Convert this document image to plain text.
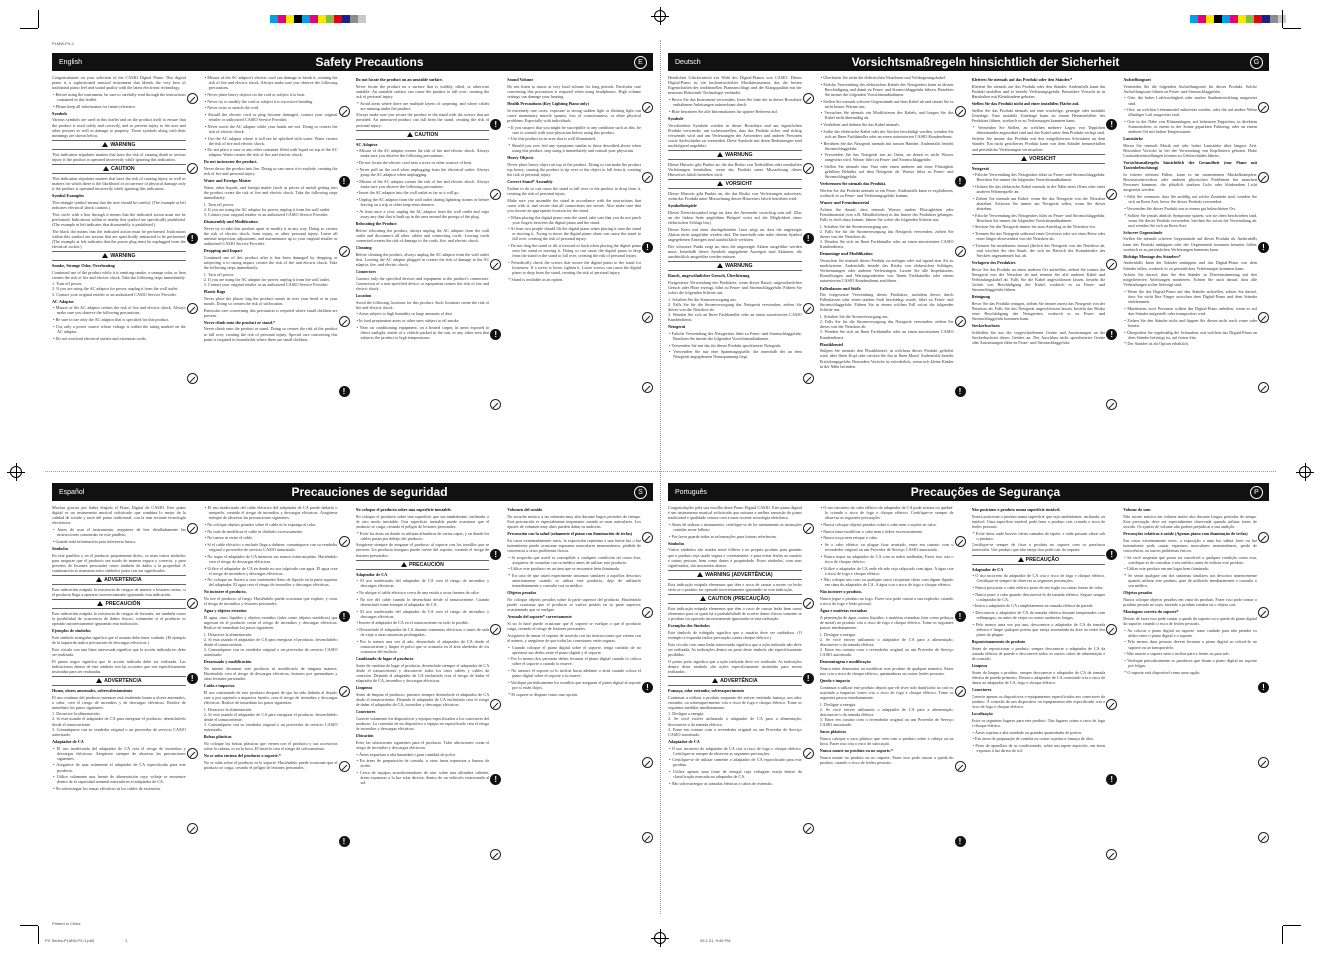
PLMW-PX-1
Printed in China
PX Series-PLMW-PX-1.p65	1	05.1.21, 9:40 PM
English	Safety Precautions	E

Congratulations on your selection of the CASIO Digital Piano. This digital piano is a sophisticated musical instrument that blends the very best of traditional piano feel and sound quality with the latest electronic technology.

• Before using the instrument, be sure to carefully read through the instructions contained in this leaflet.

• Please keep all information for future reference.

Symbols

Various symbols are used in this leaflet and on the product itself to ensure that the product is used safely and correctly, and to prevent injury to the user and other persons as well as damage to property. Those symbols along with their meanings are shown below.

WARNING

This indication stipulates matters that have the risk of causing death or serious injury if the product is operated incorrectly while ignoring this indication.

CAUTION

This indication stipulates matters that have the risk of causing injury as well as matters for which there is the likelihood of occurrence of physical damage only if the product is operated incorrectly while ignoring this indication.

Symbol Examples

This triangle symbol means that the user should be careful. (The example at left indicates electrical shock caution.)

This circle with a line through it means that the indicated action must not be performed. Indications within or nearby this symbol are specifically prohibited. (The example at left indicates that disassembly is prohibited.)

The black dot means that the indicated action must be performed. Indications within this symbol are actions that are specifically instructed to be performed. (The example at left indicates that the power plug must be unplugged from the electrical socket.)

WARNING

Smoke, Strange Odor, Overheating

Continued use of the product while it is emitting smoke, a strange odor, or heat creates the risk of fire and electric shock. Take the following steps immediately.

1. Turn off power.
2. If you are using the AC adaptor for power, unplug it from the wall outlet.
3. Contact your original retailer or an authorized CASIO Service Provider.

AC Adaptor

• Misuse of the AC adaptor creates the risk of fire and electric shock. Always make sure you observe the following precautions.

• Be sure to use only the AC adaptor that is specified for this product.

• Use only a power source whose voltage is within the rating marked on the AC adaptor.

• Do not overload electrical outlets and extension cords.

!

• Misuse of the AC adaptor's electric cord can damage or break it, creating the risk of fire and electric shock. Always make sure you observe the following precautions.

• Never place heavy objects on the cord or subject it to heat.

• Never try to modify the cord or subject it to excessive bending.

• Never twist or stretch the cord.

• Should the electric cord or plug become damaged, contact your original retailer or authorized CASIO Service Provider.

• Never touch the AC adaptor while your hands are wet. Doing so creates the risk of electric shock.

• Use the AC adaptor where it will not be splashed with water. Water creates the risk of fire and electric shock.

• Do not place a vase or any other container filled with liquid on top of the AC adaptor. Water creates the risk of fire and electric shock.

Do not incinerate the product.

Never throw the product into fire. Doing so can cause it to explode, creating the risk of fire and personal injury.

Water and Foreign Matter

Water, other liquids, and foreign matter (such as pieces of metal) getting into the product create the risk of fire and electric shock. Take the following steps immediately.

1. Turn off power.
2. If you are using the AC adaptor for power, unplug it from the wall outlet.
3. Contact your original retailer or an authorized CASIO Service Provider.

Disassembly and Modification

Never try to take this product apart or modify it in any way. Doing so creates the risk of electric shock, burn injury, or other personal injury. Leave all internal inspection, adjustment, and maintenance up to your original retailer or authorized CASIO Service Provider.

Dropping and Impact

Continued use of this product after it has been damaged by dropping or subjecting it to strong impact creates the risk of fire and electric shock. Take the following steps immediately.

1. Turn off power.
2. If you are using the AC adaptor for power, unplug it from the wall outlet.
3. Contact your original retailer or an authorized CASIO Service Provider.

Plastic Bags

Never place the plastic bag the product comes in over your head or in your mouth. Doing so creates the risk of suffocation.

Particular care concerning this precaution is required where small children are present.

Never climb onto the product or stand.*

Never climb onto the product or stand. Doing so creates the risk of the product to fall over, creating the risk of personal injury. Special care concerning this point is required in households where there are small children.

!
!

Do not locate the product on an unstable surface.

Never locate the product on a surface that is wobbly, tilted, or otherwise unstable. An unstable surface can cause the product to fall over, creating the risk of personal injury.

* Avoid areas where there are multiple layers of carpeting, and where cables are running under the product.

Always make sure you secure the product to the stand with the screws that are provided. An unsecured product can fall from the stand, creating the risk of personal injury.

CAUTION

AC Adaptor

• Misuse of the AC adaptor creates the risk of fire and electric shock. Always make sure you observe the following precautions.

• Do not locate the electric cord near a stove or other sources of heat.

• Never pull on the cord when unplugging from the electrical outlet. Always grasp the AC adaptor when unplugging.

• Misuse of the AC adaptor creates the risk of fire and electric shock. Always make sure you observe the following precautions.

• Insert the AC adaptor into the wall outlet as far as it will go.

• Unplug the AC adaptor from the wall outlet during lightning storms or before leaving on a trip or other long-term absence.

• At least once a year, unplug the AC adaptor from the wall outlet and wipe away any dust that is built up in the area around the prongs of the plug.

Relocating the Product

Before relocating the product, always unplug the AC adaptor from the wall outlet and disconnect all other cables and connecting cords. Leaving cords connected creates the risk of damage to the cords, fire, and electric shock.

Cleaning

Before cleaning the product, always unplug the AC adaptor from the wall outlet first. Leaving the AC adaptor plugged in creates the risk of damage to the AC adaptor, fire, and electric shock.

Connectors

Connect only the specified devices and equipment to the product's connectors. Connection of a non-specified device or equipment creates the risk of fire and electric shock.

Location

Avoid the following locations for this product. Such locations create the risk of fire and electric shock.

• Areas subject to high humidity or large amounts of dust

• In food preparation areas or other ones subject to oil smoke

• Near air conditioning equipment, on a heated carpet, in areas exposed to direct sunlight, inside of a vehicle parked in the sun, or any other area that subjects the product to high temperatures.

!
!

Sound Volume

Do not listen to music at very loud volume for long periods. Particular care concerning this precaution is required when using headphones. High volume settings can damage your hearing.

Health Precautions (Key Lighting Piano only)

In extremely rare cases, exposure to strong sudden light or flashing light can cause momentary muscle spasms, loss of consciousness, or other physical problems. Especially with individuals.

• If you suspect that you might be susceptible to any condition such as this, be sure to consult with your physician before using this product.

• Use this product in an area that is well illuminated.

* Should you ever feel any symptoms similar to those described above when using this product, stop using it immediately and consult your physician.

Heavy Objects

Never place heavy object on top of the product. Doing so can make the product top heavy, causing the product to tip over or the object to fall from it, creating the risk of personal injury.

Correct Stand* Assembly

Failure to do so can cause the stand to fall over or the product to drop from it, creating the risk of personal injury.

Make sure you assemble the stand in accordance with the instructions that come with it, and secure that all connections are secure. Also make sure that you choose an appropriate location for the stand.

• When placing the digital piano onto the stand, take care that you do not pinch your fingers between the digital piano and the stand.

• At least two people should lift the digital piano when placing it onto the stand or moving it. Trying to move the digital piano alone can cause the stand to fall over, creating the risk of personal injury.

• Do not drag the stand or tilt it forward or back when placing the digital piano onto the stand or moving it. Doing so can cause the digital piano to drop from the stand or the stand to fall over, creating the risk of personal injury.

• Periodically check the screws that secure the digital piano to the stand for looseness. If a screw is loose, tighten it. Loose screws can cause the digital piano to drop from the stand, creating the risk of personal injury.

* Stand is available as an option.

!
Deutsch	Vorsichtsmaßregeln hinsichtlich der Sicherheit	G

Herzlichen Glückwunsch zur Wahl des Digital-Pianos von CASIO. Dieses Digital-Piano ist ein hochentwickeltes Musikinstrument, das die besten Eigenschaften des traditionellen Pianoanschlags und der Klangqualität mit der neuesten Elektronik-Technologie verbindet.

• Bevor Sie das Instrument verwenden, lesen Sie bitte die in dieser Broschüre enthaltenen Anleitungen aufmerksam durch.

• Bitte bewahren Sie alle Informationen für spätere Referenz auf.

Symbole

Verschiedene Symbole werden in dieser Broschüre und am eigentlichen Produkt verwendet, um sicherzustellen, dass das Produkt sicher und richtig verwendet wird und um Verletzungen des Anwenders und anderer Personen sowie Sachschäden zu vermeiden. Diese Symbole mit deren Bedeutungen sind nachfolgend angeführt.

WARNUNG

Dieser Hinweis gibt Punkte an, die das Risiko von Todesfällen oder ernsthaften Verletzungen beinhalten, wenn das Produkt unter Missachtung dieses Hinweises falsch betrieben wird.

VORSICHT

Dieser Hinweis gibt Punkte an, die das Risiko von Verletzungen aufweisen, wenn das Produkt unter Missachtung dieses Hinweises falsch betrieben wird.

Symbolbeispiele

Dieses Dreieckssymbol zeigt an, dass der Anwender vorsichtig sein soll. (Das an der linken Seite angeführte Beispiel weist auf die Möglichkeit eines elektrischen Schlags hin.)

Dieser Kreis mit einer durchgehenden Linie zeigt an, dass die angezeigte Aktion nicht ausgeführt werden darf. Die innerhalb oder nahe diesem Symbol angegebenen Anzeigen sind ausdrücklich verboten.

Der schwarze Punkt zeigt an, dass die angezeigte Aktion ausgeführt werden muss. Innerhalb dieses Symbols angegebene Anzeigen sind Aktionen, die ausdrücklich ausgeführt werden müssen.

WARNUNG

Rauch, ungewöhnlicher Geruch, Überhitzung

Fortgesetzte Verwendung des Produktes, wenn dieses Rauch, ungewöhnlichen Geruch oder Hitze erzeugt, führt zu Feuer- und Stromschlaggefahr. Führen Sie sofort die folgenden Schritte aus.

1. Schalten Sie die Stromversorgung aus.
2. Falls Sie für die Stromversorgung das Netzgerät verwenden, ziehen Sie dieses von der Netzdose ab.
3. Wenden Sie sich an Ihren Fachhändler oder an einen autorisierten CASIO Kundendienst.

Netzgerät

• Falsche Verwendung des Netzgerätes führt zu Feuer- und Stromschlaggefahr. Beachten Sie immer die folgenden Vorsichtsmaßnahmen.

• Verwenden Sie nur das für dieses Produkt spezifizierte Netzgerät.

• Verwenden Sie nur eine Spannungsquelle, die innerhalb der an dem Netzgerät angegebenen Nennspannung liegt.

!

• Überlasten Sie nicht die elektrischen Netzdosen und Verlängerungskabel.

• Falsche Verwendung des elektrischen Kabels des Netzgerätes kann zu dessen Beschädigung und damit zu Feuer- und Stromschlaggefahr führen. Beachten Sie immer die folgenden Vorsichtsmaßnahmen.

• Stellen Sie niemals schwere Gegenstände auf dem Kabel ab und setzen Sie es nicht keiner Wärme aus.

• Versuchen Sie niemals ein Modifizieren des Kabels, und biegen Sie das Kabel nicht übermäßig ab.

• Verdrehen und dehnen Sie das Kabel niemals.

• Sollte das elektrische Kabel oder der Stecker beschädigt werden, wenden Sie sich an Ihren Fachhändler oder an einen autorisierten CASIO Kundendienst.

• Berühren Sie das Netzgerät niemals mit nassen Händen. Andernfalls besteht Stromschlaggefahr.

• Verwenden Sie das Netzgerät nur an Orten, an denen es nicht Wasser ausgesetzt wird. Wasser führt zu Feuer- und Stromschlaggefahr.

• Stellen Sie niemals eine Vase oder einen anderen mit einer Flüssigkeit gefüllten Behälter auf dem Netzgerät ab. Wasser führt zu Feuer- und Stromschlaggefahr.

Verbrennen Sie niemals das Produkt.

Werfen Sie das Produkt niemals in ein Feuer. Andernfalls kann es explodieren, wodurch es zu Feuer- und Verletzungsgefahr kommt.

Wasser und Fremdmaterial

Achten Sie darauf, dass niemals Wasser, andere Flüssigkeiten oder Fremdmaterial (wie z.B. Metallteilchen) in das Innere des Produktes gelangen. Falls es doch dazu kommt, führen Sie sofort die folgenden Schritte aus.

1. Schalten Sie die Stromversorgung aus.
2. Falls Sie für die Stromversorgung das Netzgerät verwenden, ziehen Sie dieses von der Netzdose ab.
3. Wenden Sie sich an Ihren Fachhändler oder an einen autorisierten CASIO Kundendienst.

Demontage und Modifikation

Versuchen Sie niemals dieses Produkt zu zerlegen oder auf irgend eine Art zu modifizieren. Andernfalls besteht das Risiko von elektrischen Schlägen, Verbrennungen oder anderen Verletzungen. Lassen Sie alle Inspektionen, Einstellungen und Wartungsarbeiten von Ihrem Fachhändler oder einem autorisierten CASIO Kundendienst ausführen.

Fallenlassen und Stöße

Die fortgesetzte Verwendung dieses Produktes, nachdem dieses durch Fallenlassen oder einen starken Stoß beschädigt wurde, führt zu Feuer- und Stromschlaggefahr. Führen Sie in einem solchen Fall sofort die folgenden Schritte aus.

1. Schalten Sie die Stromversorgung aus.
2. Falls Sie für die Stromversorgung das Netzgerät verwenden, ziehen Sie dieses von der Netzdose ab.
3. Wenden Sie sich an Ihren Fachhändler oder an einen autorisierten CASIO Kundendienst.

Plastikbeutel

Stülpen Sie niemals den Plastikbeutel, in welchem dieses Produkt geliefert wird, über Ihren Kopf oder stecken Sie ihn in Ihren Mund. Andernfalls besteht Erstickungsgefahr. Besondere Vorsicht ist erforderlich, wenn sich kleine Kinder in der Nähe befinden.

!
!

Klettern Sie niemals auf das Produkt oder den Ständer.*

Klettern Sie niemals auf das Produkt oder den Ständer. Andernfalls kann das Produkt umfallen und es besteht Verletzungsgefahr. Besondere Vorsicht ist in Haushalten mit Kleinkindern geboten.

Stellen Sie das Produkt nicht auf einer instabilen Fläche auf.

Stellen Sie das Produkt niemals auf eine wackelige, geneigte oder instabile Unterlage. Eine instabile Unterlage kann zu einem Herunterfallen des Produktes führen, wodurch es zu Verletzungen kommen kann.

* Vermeiden Sie Stellen, an welchen mehrere Lagen von Teppichen übereinander angeordnet sind und das Kabel unter dem Produkt verlegt sind.

Sichern Sie immer das Produkt mit den mitgelieferten Schrauben an dem Ständer. Ein nicht gesichertes Produkt kann von dem Ständer herunterfallen und persönliche Verletzungen verursachen.

VORSICHT

Netzgerät

• Falsche Verwendung des Netzgerätes führt zu Feuer- und Stromschlaggefahr. Beachten Sie immer die folgenden Vorsichtsmaßnahmen.

• Ordnen Sie das elektrische Kabel niemals in der Nähe eines Ofens oder einer anderen Wärmequelle an.

• Ziehen Sie niemals am Kabel, wenn Sie das Netzgerät von der Netzdose abziehen. Erfassen Sie immer am Netzgerät selbst, wenn Sie dieses abziehen.

• Falsche Verwendung des Netzgerätes führt zu Feuer- und Stromschlaggefahr. Beachten Sie immer die folgenden Vorsichtsmaßnahmen.

• Stecken Sie das Netzgerät immer bis zum Anschlag in die Netzdose ein.

• Trennen Sie das Netzgerät während eines Gewitters oder vor einer Reise oder einer länger abwesenheit von der Netzdose ab.

• Trennen Sie mindestens einmal jährlich das Netzgerät von der Netzdose ab, und wischen Sie den Staub, der sich im Bereich der Kontaktstifte des Steckers angesammelt hat, ab.

Verlagern des Produktes

Bevor Sie das Produkt an einen anderen Ort aufstellen, ziehen Sie immer das Netzgerät von der Netzdose ab und trennen Sie alle anderen Kabel und Verbindungskabel ab. Falls Sie die Kabel angeschlossen lassen, besteht die Gefahr von Beschädigung der Kabel, wodurch es zu Feuer- und Stromschlaggefahr führen.

Reinigung

Bevor Sie das Produkt reinigen, ziehen Sie immer zuerst das Netzgerät von der Netzdose ab. Falls Sie das Netzgerät angeschlossen lassen, besteht das Risiko einer Beschädigung des Netzgerätes, wodurch es zu Feuer- und Stromschlaggefahr kommen kann.

Steckerbuchsen

Schließen Sie nur die vorgeschriebenen Geräte und Ausrüstungen an die Steckerbuchsen dieses Gerätes an. Der Anschluss nicht spezifizierter Geräte oder Ausrüstungen führt zu Feuer- und Stromschlaggefahr.

!
!

Aufstellungsort

Vermeiden Sie die folgenden Aufstellungsorte für dieses Produkt. Solche Aufstellungsorte führen zu Feuer- und Stromschlaggefahr.

• Orte, die hoher Luftfeuchtigkeit oder starker Staubentwicklung ausgesetzt sind.

• Orte, an welchen Lebensmittel zubereitet werden, oder die auf andere Weise ölhaltiger Luft ausgesetzt sind.

• Orte in der Nähe von Klimaanlagen, auf beheizten Teppichen, in direktem Sonnenschein, in einem in der Sonne geparkten Fahrzeug, oder an einem anderen Ort mit hohen Temperaturen.

Lautstärke

Hören Sie niemals Musik mit sehr hoher Lautstärke über längere Zeit. Besondere Vorsicht ist bei der Verwendung von Kopfhörern geboten. Hohe Lautstärkeeinstellungen können zu Gehörschäden führen.

Vorsichtsmaßregeln hinsichtlich der Gesundheit (nur Piano mit Tastenbeleuchtung)

In extrem seltenen Fällen, kann es im momentanen Muskelkrämpfen, Bewusstseinsverlust oder anderen physischen Problemen bei manchen Personen kommen, die plötzlich starkem Licht oder blinkendem Licht ausgesetzt werden.

• Falls Sie vermuten, dass Sie anfällig auf solche Zustände sind, wenden Sie sich an Ihren Arzt, bevor Sie dieses Produkt verwenden.

• Verwenden Sie dieses Produkt nur in einem gut beleuchteten Ort.

* Sollten Sie jemals ähnlich Symptome spüren, wie sie oben beschrieben sind, wenn Sie dieses Produkt verwenden, brechen Sie sofort die Verwendung ab, und wenden Sie sich an Ihren Arzt.

Schwere Gegenstände

Stellen Sie niemals schwere Gegenstände auf dieses Produkt ab. Andernfalls kann das Produkt umkippen oder der Gegenstande kommen herunter fallen, wodurch es zu persönlichen Verletzungen kommen kann.

Richtige Montage des Ständers*

Andernfalls kann der Ständer umkippen und das Digital-Piano von dem Ständer fallen, wodurch es zu persönlichen Verletzungen kommen kann.

Achten Sie darauf, dass Sie den Ständer in Übereinstimmung mit den mitgelieferten Anleitungen montieren. Achten Sie auch darauf, dass alle Verbindungen sicher befestigt sind.

• Wenn Sie das Digital-Piano auf den Ständer aufstellen, achten Sie darauf, dass Sie nicht Ihre Finger zwischen dem Digital-Piano und dem Ständer einklemmen.

• Mindestens zwei Personen sollten das Digital-Piano anheben, wenn es auf den Ständer aufgestellt oder transportiert wird.

• Ziehen Sie den Ständer nicht und kippen Sie diesen nicht nach vorne oder hinten.

• Überprüfen Sie regelmäßig die Schrauben, mit welchen das Digital-Piano an dem Ständer befestigt ist, auf festen Sitz.

* Der Ständer ist als Option erhältlich.

!
Español	Precauciones de seguridad	S

Muchas gracias por haber elegido el Piano Digital de CASIO. Este piano digital es un instrumento musical sofisticado que combina lo mejor de la calidad de sonido y tacto del piano tradicional, con la más reciente tecnología electrónica.

• Antes de usar el instrumento, asegúrese de leer detalladamente las instrucciones contenidas en este panfleto.

• Guarde toda información para referencia futura.

Símbolos

En este panfleto y en el producto propiamente dicho, se usan varios símbolos para asegurar que el producto sea usado de manera segura y correcta, y para prevenir de lesiones personales como también de daños a la propiedad. A continuación se muestran estos símbolos junto con sus significados.

ADVERTENCIA

Esta indicación estipula la existencia de riesgos de muerte o lesiones serias, si el producto llega a operarse incorrectamente ignorando esta indicación.

PRECAUCIÓN

Esta indicación estipula la existencia de riesgos de lesiones, así también como la posibilidad de ocurrencia de daños físicos, solamente si el producto es operado incorrectamente ignorando esta indicación.

Ejemplos de símbolos

Este símbolo triangular significa que el usuario debe tener cuidado. (El ejemplo de la izquierda indica precaución de descargas eléctricas.)

Este círculo con una línea atravesada significa que la acción indicada no debe ser realizada.

El punto negro significa que la acción indicada debe ser realizada. Las indicaciones dentro de este símbolo son las acciones que son específicamente instruidas para ser realizadas.

ADVERTENCIA

Humo, olores anormales, sobrecalentamiento

El uso continuo del producto mientras está emitiendo humo u olores anormales, o calor, crea el riesgo de incendios y de descargas eléctricas. Realice de inmediato los pasos siguientes.

1. Desactive la alimentación.
2. Si está usando el adaptador de CA para energizar el producto, desenchúfelo desde el tomacorriente.
3. Comuníquese con su vendedor original o un proveedor de servicio CASIO autorizado.

Adaptador de CA

• El uso inadecuado del adaptador de CA crea el riesgo de incendios y descargas eléctricas. Asegúrese siempre de observar las precauciones siguientes.

• Asegúrese de usar solamente el adaptador de CA especificado para este producto.

• Utilice solamente una fuente de alimentación cuyo voltaje se encuentre dentro de la capacidad nominal marcada en el adaptador de CA.

• No sobrecargue los tomas eléctricos ni los cables de extensión.

!

• El uso inadecuado del cable eléctrico del adaptador de CA puede dañarlo o romperlo, creando el riesgo de incendios y descargas eléctricas. Asegúrese siempre de observar las precauciones siguientes.

• No coloque objetos pesados sobre el cable ni lo exponga al calor.

• No trate de modificar el cable ni doblarlo excesivamente.

• No tuerza ni estire el cable.

• Si el cable eléctrico o enchufe llega a dañarse, comuníquese con su vendedor original o proveedor de servicio CASIO autorizado.

• No toque el adaptador de CA mientras sus manos están mojadas. Haciéndolo crea el riesgo de descargas eléctricas.

• Utilice el adaptador de CA en donde no sea salpicado con agua. El agua crea el riesgo de incendios y descargas eléctricas.

• No coloque un florero u otro contenedor lleno de líquido en la parte superior del adaptador. El agua crea el riesgo de incendios y descargas eléctricas.

No incinere el producto.

No tire el producto al fuego. Haciéndolo puede ocasionar que explote, y crear el riesgo de incendios y lesiones personales.

Agua y objetos extraños

El agua, otros líquidos y objetos extraños (tales como objetos metálicos) que ingresan en el producto crean el riesgo de incendios y descargas eléctricas. Realice de inmediato los pasos siguientes.

1. Desactive la alimentación.
2. Si está usando el adaptador de CA para energizar el producto, desenchúfelo desde el tomacorriente.
3. Comuníquese con su vendedor original o un proveedor de servicio CASIO autorizado.

Desarmado y modificación

No intente desarmar este producto ni modificarlo de ninguna manera. Haciéndolo crea el riesgo de descargas eléctricas, lesiones por quemaduras y otras lesiones personales.

Caída e impactos

El uso continuado de este producto después de que ha sido dañado al dejarlo caer o por sujetarlo a impactos fuertes, crea el riesgo de incendios y descargas eléctricas. Realice de inmediato los pasos siguientes.

1. Desactive la alimentación.
2. Si está usando el adaptador de CA para energizar el producto, desenchúfelo desde el tomacorriente.
3. Comuníquese con su vendedor original o un proveedor de servicio CASIO autorizado.

Bolsas plásticas

No coloque las bolsas plásticas que vienen con el producto y sus accesorios sobre la cabeza, ni en la boca. El hacerlo crea el riesgo de sofocamiento.

No se suba encima del producto o soporte.*

No se suba sobre el producto ni lo soporte. Haciéndolo puede ocasionar que el producto se caiga, creando el peligro de lesiones personales.

!
!

No coloque el producto sobre una superficie inestable.

No coloque el producto sobre una superficie que sea tambaleante, inclinada, o de otro modo inestable. Una superficie inestable puede ocasionar que el producto se caiga, creando el peligro de lesiones personales.

* Evite las áreas en donde se utilizan alfombras de varias capas, y en donde los cables pasan por debajo del producto.

Asegúrese siempre de asegurar el producto al soporte con los tornillos que se proveen. Un producto inseguro puede caerse del soporte, creando el riesgo de lesiones personales.

PRECAUCIÓN

Adaptador de CA

• El uso inadecuado del adaptador de CA crea el riesgo de incendios y descargas eléctricas.

• No ubique el cable eléctrico cerca de una estufa u otras fuentes de calor.

• No tire del cable cuando lo desenchufa desde el tomacorriente. Cuando desenchufe tome siempre el adaptador de CA.

• El uso inadecuado del adaptador de CA crea el riesgo de incendios y descargas eléctricas.

• Inserte el adaptador de CA en el tomacorriente en todo lo posible.

• Desenchufe el adaptador de CA durante tormentas eléctricas o antes de salir de viaje u otras ausencias prolongadas.

• Por lo menos una vez al año, desenchufe el adaptador de CA desde el tomacorriente y limpie el polvo que se acumula en el área alrededor de los contactos del enchufe.

Cambiando de lugar el producto

Antes de cambiar de lugar el producto, desenchufe siempre el adaptador de CA desde el tomacorriente y desconecte todos los otros cables y cables de conexión. Dejando el adaptador de CA enchufado crea el riesgo de dañar el adaptador de CA, incendios y descargas eléctricas.

Limpieza

Antes de limpiar el producto, primero siempre desenchufe el adaptador de CA desde el tomacorriente. Dejando el adaptador de CA enchufado crea el riesgo de dañar el adaptador de CA, incendios y descargas eléctricas.

Conectores

Conecte solamente los dispositivos y equipos especificados a los conectores del producto. La conexión de un dispositivo o equipo no especificado crea el riesgo de incendios y descargas eléctricas.

Ubicación

Evite las ubicaciones siguientes para el producto. Tales ubicaciones crean el riesgo de incendios y descargas eléctricas.

• Áreas expuestas a alta humedad o gran cantidad de polvo.

• En áreas de preparación de comida, u otras áreas expuestas a humos de aceite.

• Cerca de equipos acondicionadores de aire, sobre una alfombra caliente, áreas expuestas a la luz solar directa, dentro de un vehículo estacionado al sol.

!
!

Volumen del sonido

No escuche música a un volumen muy alto durante largos períodos de tiempo. Esta precaución es especialmente importante cuando se usan auriculares. Los ajustes de volumen muy altos pueden dañar su audición.

Precaución con la salud (solamente el piano con iluminación de teclas)

En casos extremadamente raros, la exposición repentina a una fuerte luz o luz intermitente puede ocasionar espasmos musculares momentáneos, pérdida de conciencia u otros problemas físicos.

• Si sospecha que usted es susceptible a cualquier condición tal como ésta, asegúrese de consultar con su médico antes de utilizar este producto.

• Utilice este producto en un área que se encuentre bien iluminada.

* En caso de que usted experimente síntomas similares a aquellos descritos anteriormente cuando se utiliza este producto, deje de utilizarlo inmediatamente y consulte con su médico.

Objetos pesados

No coloque objetos pesados sobre la parte superior del producto. Haciéndolo puede ocasionar que el producto se vuelva pesado en su parte superior, ocasionando que se vuelque.

Armado del soporte* correctamente

Si no lo hace puede ocasionar que el soporte se vuelque o que el producto caiga, creando el riesgo de lesiones personales.

Asegúrese de armar el soporte de acuerdo con las instrucciones que vienen con el mismo, y asegúrese de que todas las conexiones estén seguras.

• Cuando coloque el piano digital sobre el soporte, tenga cuidado de no apretarse sus dedos entre el piano digital y el soporte.

• Por lo menos dos personas deben levantar el piano digital cuando lo coloca sobre el soporte o cuando lo mueve.

• No arrastre el soporte ni lo incline hacia adelante o atrás cuando coloca el piano digital sobre el soporte o lo mueve.

• Verifique periódicamente los tornillos que aseguran el piano digital al soporte por si están flojos.

* El soporte se dispone como una opción.

!
Português	Precauções de Segurança	P

Congratulações pela sua escolha deste Piano Digital CASIO. Este piano digital é um instrumento musical sofisticado que mistura a melhor sensação de piano tradicional e qualidade sonora com a mais recente tecnologia eletrônica.

• Antes de utilizar o instrumento, certifique-se de ler atentamente as instruções contidas neste folheto.

• Por favor guarde todas as informações para futuras referências.

Símbolos

Vários símbolos são usados neste folheto e no próprio produto para garantir que o produto seja usado segura e corretamente, e para evitar lesões ao usuário e outras pessoas, bem como danos à propriedade. Esses símbolos, com seus significados, são mostrados abaixo.

WARNING (ADVERTÊNCIA)

Esta indicação estipula elementos que têm o risco de causar a morte ou lesão séria se o produto for operado incorretamente ignorando-se esta indicação.

CAUTION (PRECAUÇÃO)

Esta indicação estipula elementos que têm o risco de causar lesão bem como elementos para os quais há a probabilidade de ocorrer danos físicos somente se o produto for operado incorretamente ignorando-se esta indicação.

Exemplos dos Símbolos

Este símbolo de triângulo significa que o usuário deve ser cuidadoso. (O exemplo à esquerda indica precaução contra choque elétrico.)

Este círculo com uma linha atravessada significa que a ação indicada não deve ser realizada. As indicações dentro ou perto deste símbolo são especificamente proibidas.

O ponto preto significa que a ação indicada deve ser realizada. As indicações dentro deste símbolo são ações especificamente instruídas para serem realizadas.

ADVERTÊNCIA

Fumaça, odor estranho, sobreaquecimento

Continuar a utilizar o produto enquanto ele estiver emitindo fumaça, um odor estranho, ou sobreaquecimento cria o risco de fogo e choque elétrico. Tome os seguintes medidas imediatamente.

1. Desligue a energia.
2. Se você estiver utilizando o adaptador de CA para a alimentação, desconecte-o da tomada elétrica.
3. Entre em contato com o revendedor original ou um Provedor de Serviço CASIO autorizado.

Adaptador de CA

• O uso incorreto do adaptador de CA cria o risco de fogo e choque elétrico. Certifique-se sempre de observar as seguintes precauções.

• Certifique-se de utilizar somente o adaptador de CA especificado para este produto.

• Utilize apenas uma fonte de energia cuja voltagem esteja dentro da classificação marcada no adaptador de CA.

• Não sobrecarregue as tomadas elétricas e cabos de extensão.

!

• O uso incorreto do cabo elétrico do adaptador de CA pode avariar ou quebrá-lo criando o risco de fogo e choque elétrico. Certifique-se sempre de observar as seguintes precauções.

• Nunca coloque objetos pesados sobre o cabo nem o sujeite ao calor.

• Nunca tente modificar o cabo nem o dobre excessivamente.

• Nunca torça nem estique o cabo.

• Se o cabo elétrico ou plugue ficar avariado, entre em contato com o revendedor original ou um Provedor de Serviço CASIO autorizado.

• Nunca toque no adaptador de CA com as mãos molhadas. Fazer isso cria o risco de choque elétrico.

• Utilize o adaptador de CA onde ele não seja salpicado com água. A água cria o risco de fogo e choque elétrico.

• Não coloque um vaso ou qualquer outro recipiente cheio com algum líquido em cima do adaptador de CA. A água cria o risco de fogo e choque elétrico.

Não incinere o produto.

Nunca jogue o produto no fogo. Fazer isso pode causar a sua explosão, criando o risco de fogo e lesão pessoal.

Água e matérias estranhas

A penetração de água, outros líquidos, e matérias estranhas (tais como pedaços de metal) no produto cria o risco de fogo e choque elétrico. Tome os seguintes passos imediatamente.

1. Desligue a energia.
2. Se você estiver utilizando o adaptador de CA para a alimentação, desconecte-o da tomada elétrica.
3. Entre em contato com o revendedor original ou um Provedor de Serviço CASIO autorizado.

Desmontagem e modificação

Nunca tente desmontar ou modificar este produto de qualquer maneira. Fazer isso cria o risco de choque elétrico, queimaduras ou outras lesões pessoais.

Queda e impacto

Continuar a utilizar este produto depois que ele tiver sido danificado ao cair ou sujeitado a impactos fortes cria o risco de fogo e choque elétrico. Tome os seguintes passos imediatamente.

1. Desligue a energia.
2. Se você estiver utilizando o adaptador de CA para a alimentação, desconecte-o da tomada elétrica.
3. Entre em contato com o revendedor original ou um Provedor de Serviço CASIO autorizado.

Sacos plásticos

Nunca coloque o saco plástico que vem com o produto sobre a cabeça ou na boca. Fazer isso cria o risco de sufocação.

Nunca monte no produto ou no suporte.*

Nunca monte no produto ou no suporte. Fazer isso pode causar a queda do produto, criando o risco de lesões pessoais.

!
!

Não posicione o produto numa superfície instável.

Nunca posicione o produto numa superfície que seja cambaleante, inclinada, ou instável. Uma superfície instável pode fazer o produto cair, criando o risco de lesões pessoais.

* Evite áreas onde houver várias camadas de tapete, e onde passam cabos sob o produto.

Certifique-se sempre de fixar o produto no suporte com os parafusos fornecidos. Um produto que não esteja fixo pode cair do suporte.

PRECAUÇÃO

Adaptador de CA

• O uso incorreto do adaptador de CA cria o risco de fogo e choque elétrico. Certifique-se sempre de observar as seguintes precauções.

• Nunca posicione o cabo elétrico perto de um fogão ou outras fontes de calor.

• Nunca puxe o cabo quando desconectá-lo da tomada elétrica. Segure sempre o adaptador de CA.

• Insira o adaptador de CA completamente na tomada elétrica de parede.

• Desconecte o adaptador de CA da tomada elétrica durante tempestades com relâmpagos, ou antes de viajar ou outras ausências longas.

• Pelo menos uma vez por ano, desconecte o adaptador de CA da tomada elétrica e limpe qualquer poeira que esteja acumulada na área ao redor dos pinos do plugue.

Reposicionamento do produto

Antes de reposicionar o produto, sempre desconecte o adaptador de CA da tomada elétrica de parede e desconecte todos os outros cabos de alimentação e de conexão.

Limpeza

Antes de limpar o produto, sempre desconecte o adaptador de CA da tomada elétrica de parede primeiro. Deixar o adaptador de CA conectado cria o risco de danos ao adaptador de CA, fogo e choque elétrico.

Conectores

Conecte apenas os dispositivos e equipamentos especificados aos conectores do produto. A conexão de um dispositivo ou equipamento não especificado cria o risco de fogo e choque elétrico.

Localização

Evite os seguintes lugares para este produto. Tais lugares criam o risco de fogo e choque elétrico.

• Áreas sujeitas a alta umidade ou grandes quantidades de poeira.

• Em áreas de preparação de comida ou outras sujeitas a fumaça de óleo.

• Perto de aparelhos de ar condicionado, sobre um tapete aquecido, em áreas expostas à luz direta do sol.

!
!

Volume do som

Não escute música em volume muito alto durante longos períodos de tempo. Esta precaução deve ser especialmente observada quando utilizar fones de ouvido. Os ajustes de volume alto podem prejudicar a sua audição.

Precauções relativas à saúde (Apenas piano com iluminação de teclas)

Em casos extremamente raros, a exposição a uma luz súbita forte ou luz intermitente pode causar espasmos musculares momentâneos, perda de consciência, ou outros problemas físicos.

• Se você suspeitar que possa ser suscetível a qualquer condição como esta, certifique-se de consultar o seu médico antes de utilizar este produto.

• Utilize este produto em um lugar bem iluminado.

* Se sentir qualquer um dos sintomas similares aos descritos anteriormente quando utilizar este produto, pare de utilizá-lo imediatamente e consulte o seu médico.

Objetos pesados

Nunca coloque objetos pesados em cima do produto. Fazer isso pode tornar o produto pesado no topo, fazendo o produto tombar ou o objeto cair.

Montagem correta do suporte*

Deixar de fazer isso pode causar a queda do suporte ou a queda do piano digital do suporte, criando o risco de lesões pessoais.

• Ao colocar o piano digital no suporte, tome cuidado para não prender os dedos entre o piano digital e o suporte.

• Pelo menos duas pessoas devem levantar o piano digital ao colocá-lo no suporte ou ao transportá-lo.

• Não arraste o suporte nem o incline para a frente ou para trás.

• Verifique periodicamente os parafusos que fixam o piano digital no suporte por folgas.

* O suporte está disponível como uma opção.

!
